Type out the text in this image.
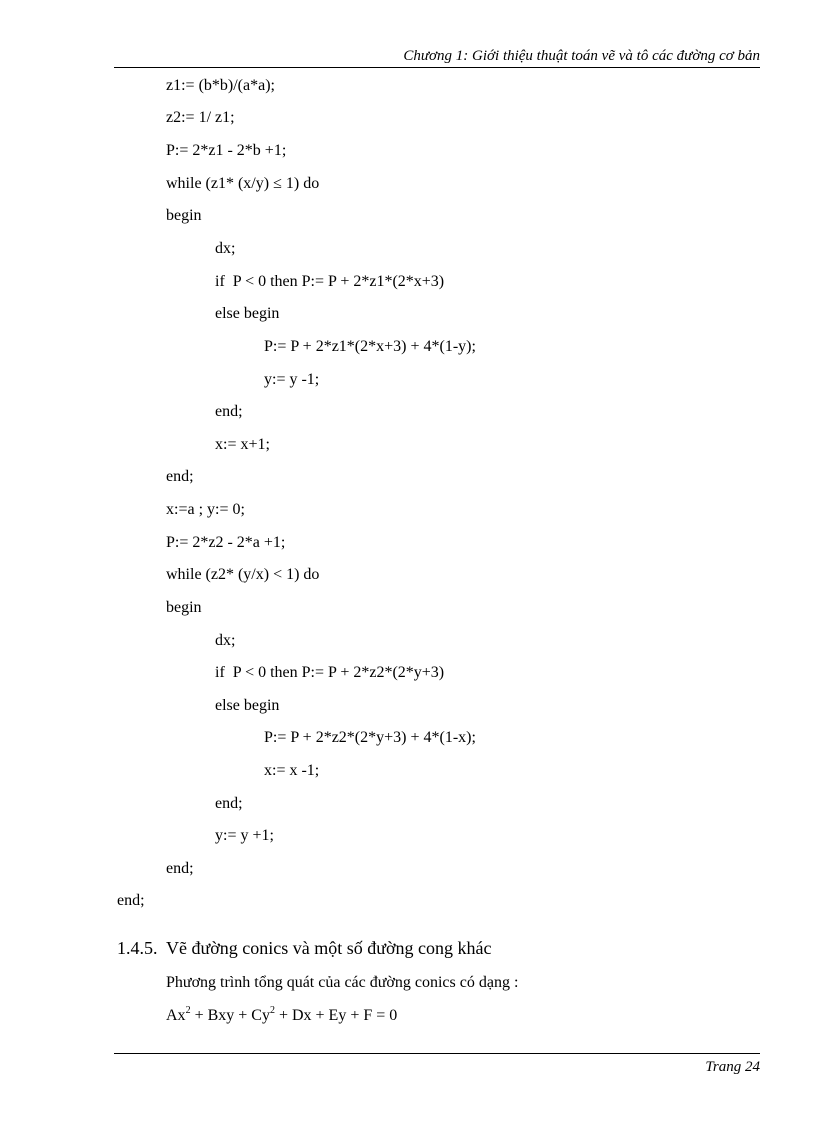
Chương 1: Giới thiệu thuật toán vẽ và tô các đường cơ bản
z1:= (b*b)/(a*a);
z2:= 1/ z1;
P:= 2*z1 - 2*b +1;
while (z1* (x/y) ≤ 1) do
begin
dx;
if  P < 0 then P:= P + 2*z1*(2*x+3)
else begin
P:= P + 2*z1*(2*x+3) + 4*(1-y);
y:= y -1;
end;
x:= x+1;
end;
x:=a ; y:= 0;
P:= 2*z2 - 2*a +1;
while (z2* (y/x) < 1) do
begin
dx;
if  P < 0 then P:= P + 2*z2*(2*y+3)
else begin
P:= P + 2*z2*(2*y+3) + 4*(1-x);
x:= x -1;
end;
y:= y +1;
end;
end;
1.4.5. Vẽ đường conics và một số đường cong khác
Phương trình tổng quát của các đường conics có dạng :
$Ax^2$ + Bxy + $Cy^2 + Dx + Ey + F = 0$
Trang 24
